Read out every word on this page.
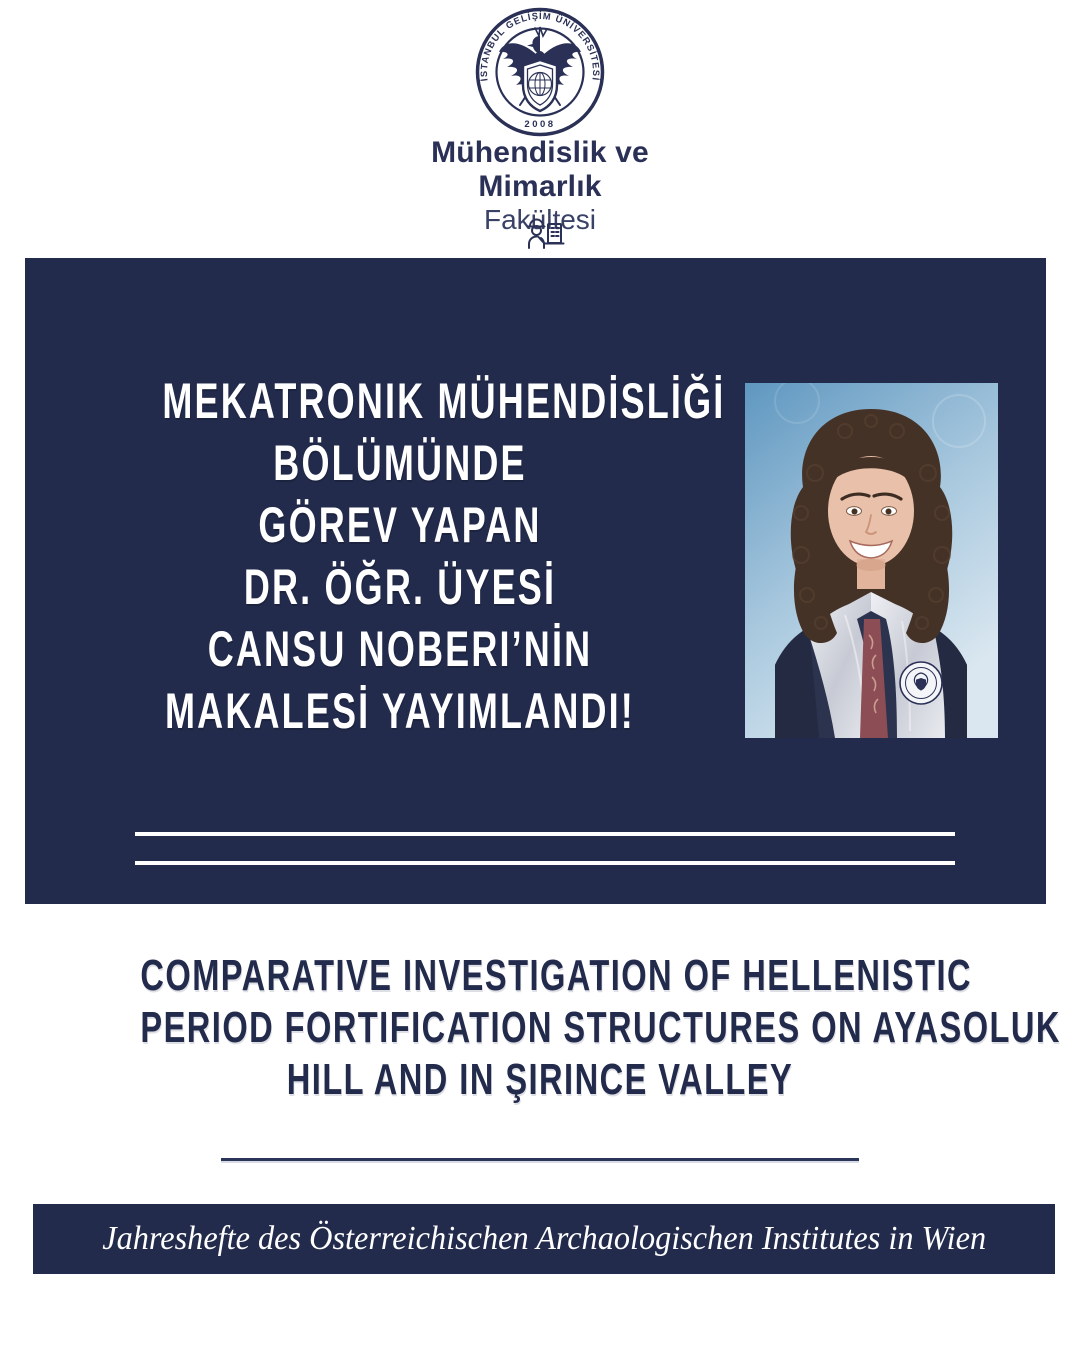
İSTANBUL GELİŞİM ÜNİVERSİTESİ
2008
Mühendislik ve
Mimarlık
Fakültesi
MEKATRONIK MÜHENDİSLİĞİ
BÖLÜMÜNDE
GÖREV YAPAN
DR. ÖĞR. ÜYESİ
CANSU NOBERI’NİN
MAKALESİ YAYIMLANDI!
COMPARATIVE INVESTIGATION OF HELLENISTIC
PERIOD FORTIFICATION STRUCTURES ON AYASOLUK
HILL AND IN ŞIRINCE VALLEY
Jahreshefte des Österreichischen Archaologischen Institutes in Wien
